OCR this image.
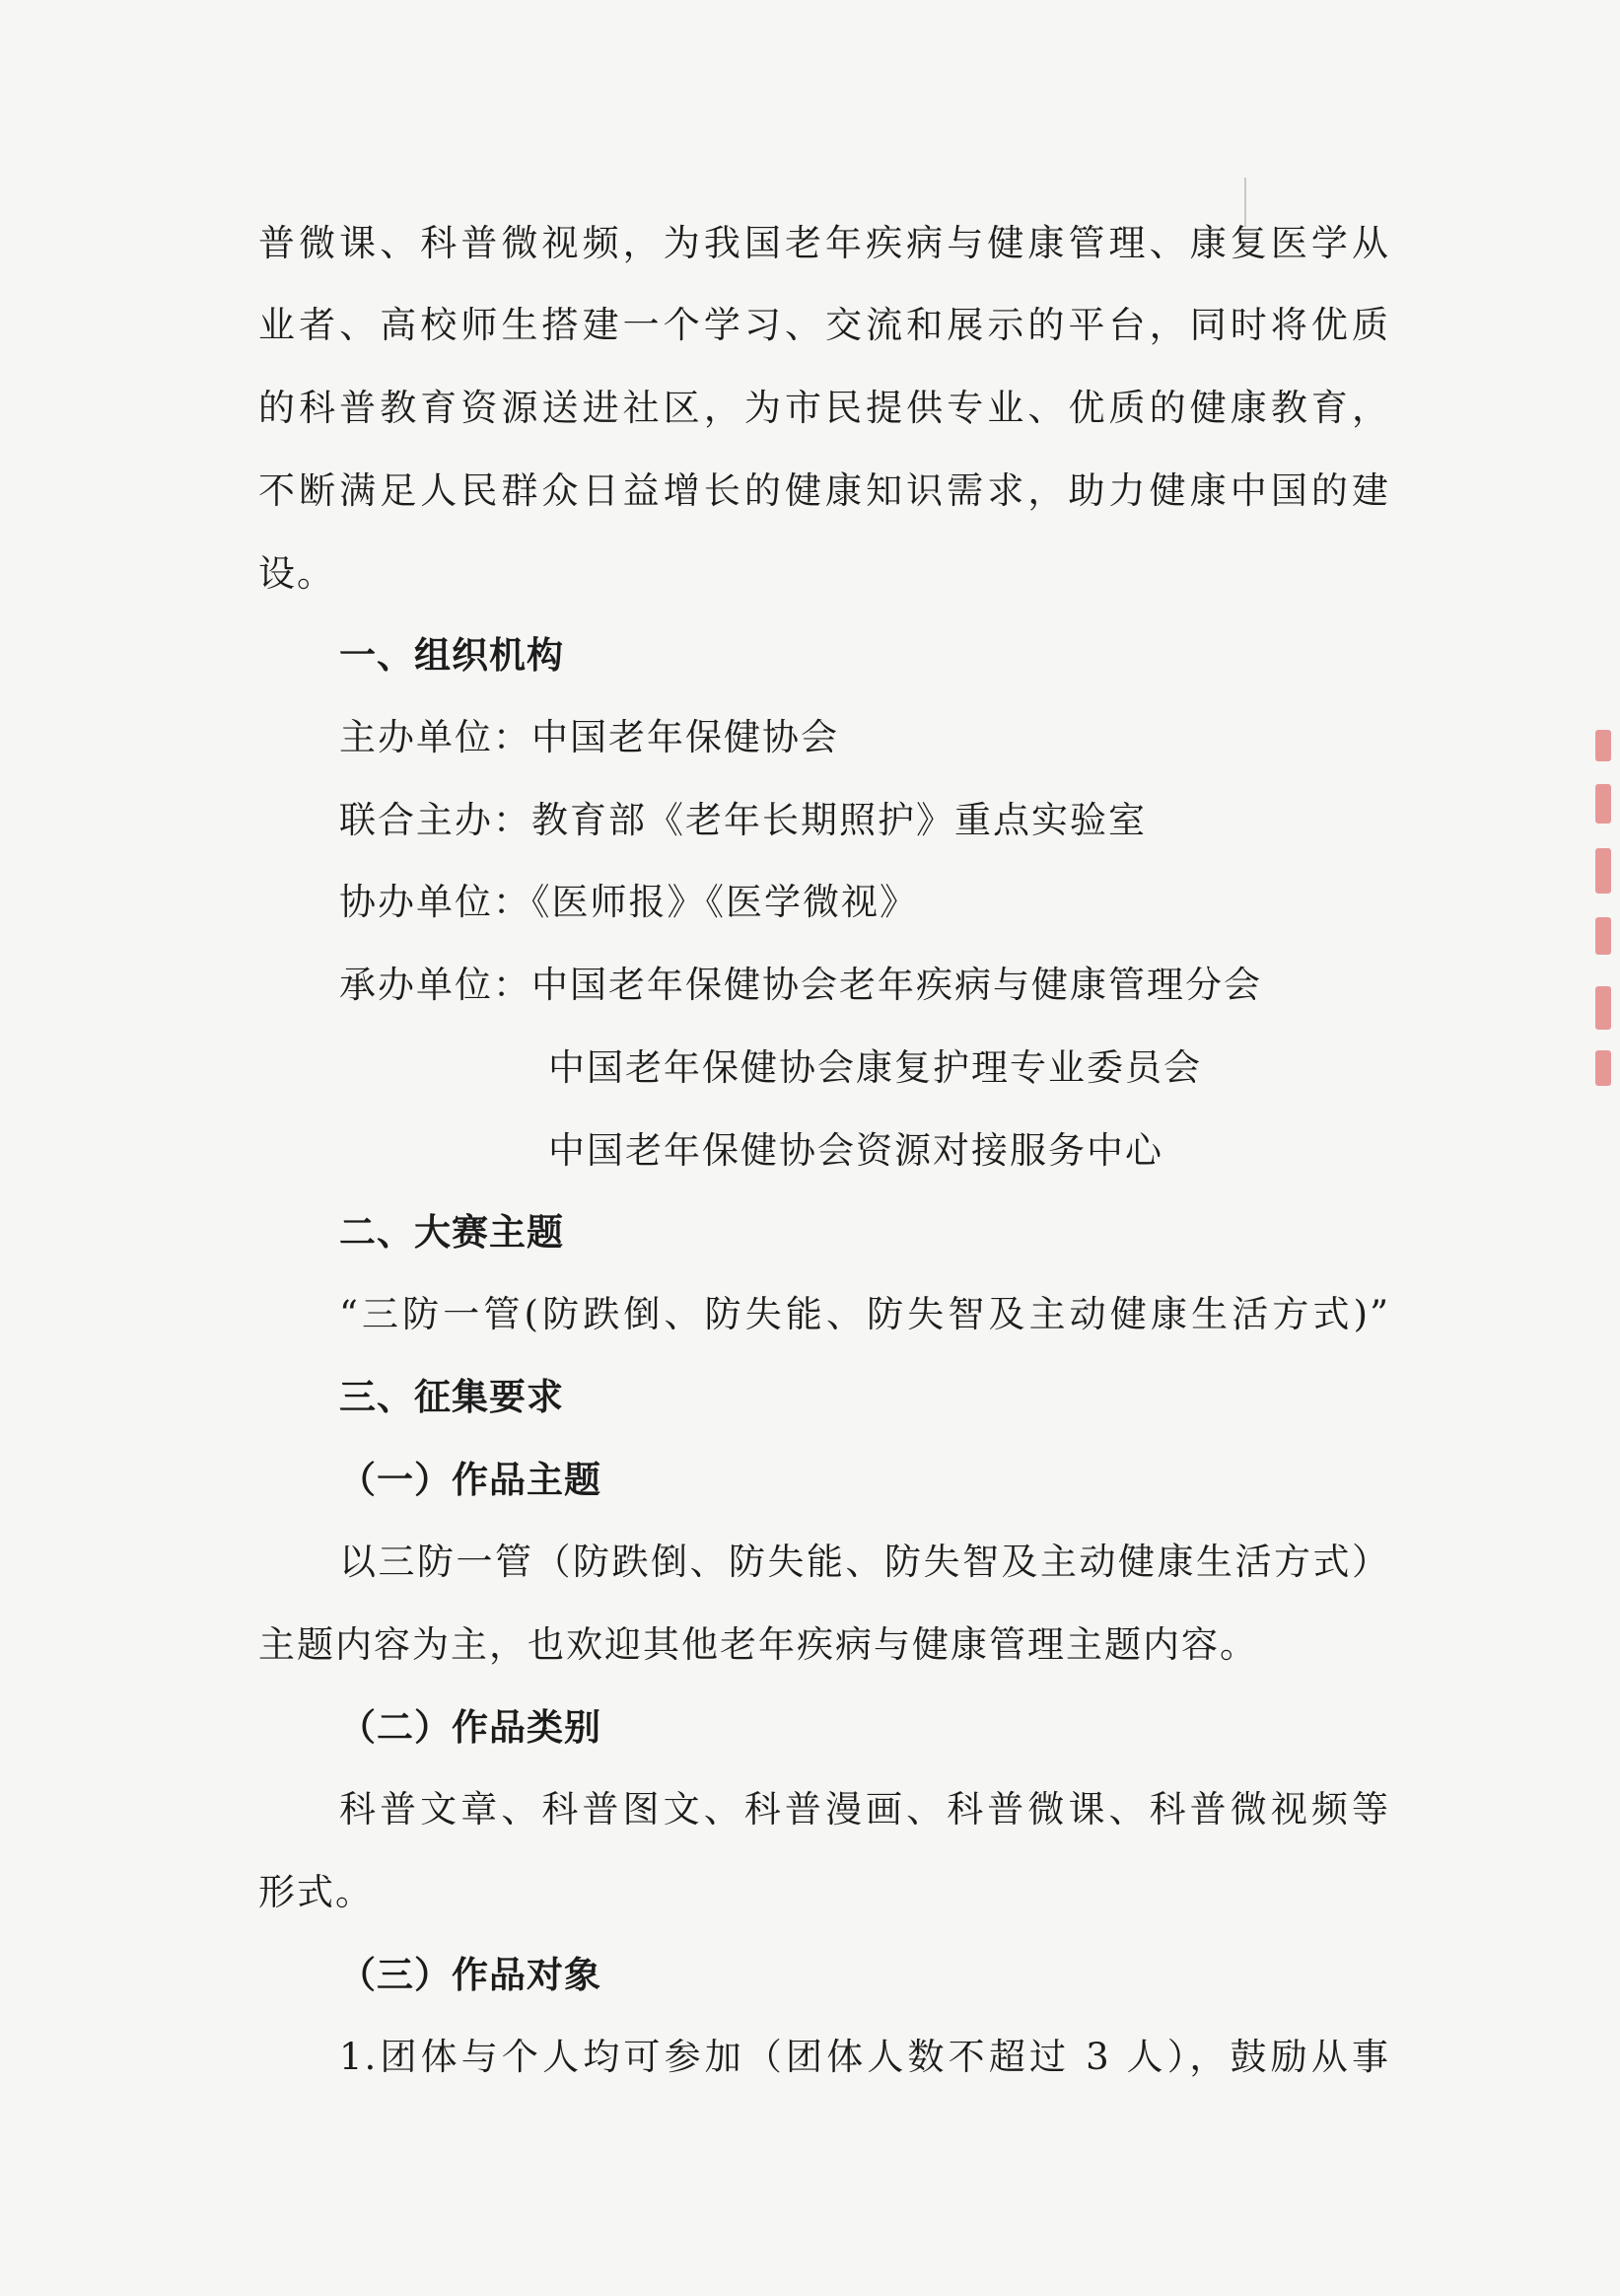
普微课、科普微视频，为我国老年疾病与健康管理、康复医学从
业者、高校师生搭建一个学习、交流和展示的平台，同时将优质
的科普教育资源送进社区，为市民提供专业、优质的健康教育，
不断满足人民群众日益增长的健康知识需求，助力健康中国的建
设。
一、组织机构
主办单位：中国老年保健协会
联合主办：教育部《老年长期照护》重点实验室
协办单位：《医师报》《医学微视》
承办单位：中国老年保健协会老年疾病与健康管理分会
中国老年保健协会康复护理专业委员会
中国老年保健协会资源对接服务中心
二、大赛主题
“三防一管(防跌倒、防失能、防失智及主动健康生活方式)”
三、征集要求
（一）作品主题
以三防一管（防跌倒、防失能、防失智及主动健康生活方式）
主题内容为主，也欢迎其他老年疾病与健康管理主题内容。
（二）作品类别
科普文章、科普图文、科普漫画、科普微课、科普微视频等
形式。
（三）作品对象
1.团体与个人均可参加（团体人数不超过 3 人），鼓励从事
